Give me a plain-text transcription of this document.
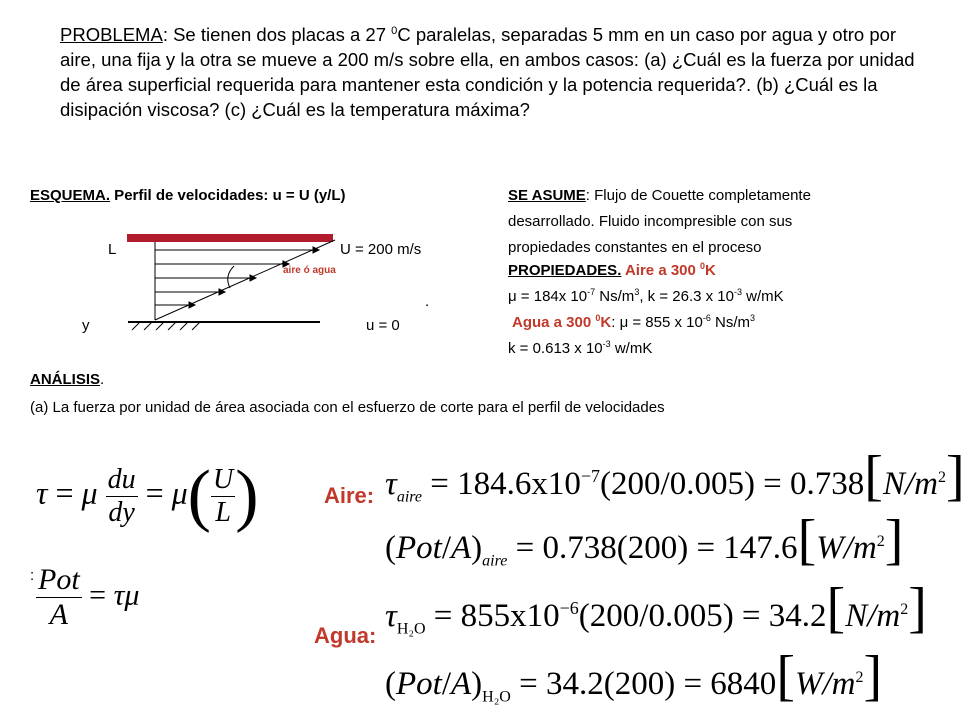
PROBLEMA: Se tienen dos placas a 27 $^0$C paralelas, separadas 5 mm en un caso por agua y otro por aire, una fija y la otra se mueve a 200 m/s sobre ella, en ambos casos: (a) ¿Cuál es la fuerza por unidad de área superficial requerida para mantener esta condición y la potencia requerida?. (b) ¿Cuál es la disipación viscosa? (c) ¿Cuál es la temperatura máxima?
ESQUEMA. Perfil de velocidades: u = U (y/L)
L	U = 200 m/s
aire ó agua
.
y	u = 0
SE ASUME: Flujo de Couette completamente
desarrollado. Fluido incompresible con sus
propiedades constantes en el proceso
PROPIEDADES. Aire a 300 $^0$K
μ = 184x $10^{-7}$ $Ns/m^3$, k = 26.3 x $10^{-3}$ w/mK
Agua a 300 $^0$K: μ = 855 x $10^{-6}$ $Ns/m^3$
k = 0.613 x $10^{-3}$ w/mK
ANÁLISIS.
(a) La fuerza por unidad de área asociada con el esfuerzo de corte para el perfil de velocidades
τ = μ $\frac{du}{dy} = \mu( \frac{U}{L}$ )
: $\frac{\text{Pot}}{A} = \tau\mu$
Aire:
Agua:
$\tau_{aire} = 184.6x10^{-7}(200/0.005) = 0.738[N/m^2]$
$(Pot/A)_{aire} = 0.738(200) = 147.6[W/m^2]$
$\tau_{H_2O} = 855x10^{-6}(200/0.005) = 34.2[N/m^2]$
$(Pot/A)_{H_2O} = 34.2(200) = 6840[W/m^2]$
